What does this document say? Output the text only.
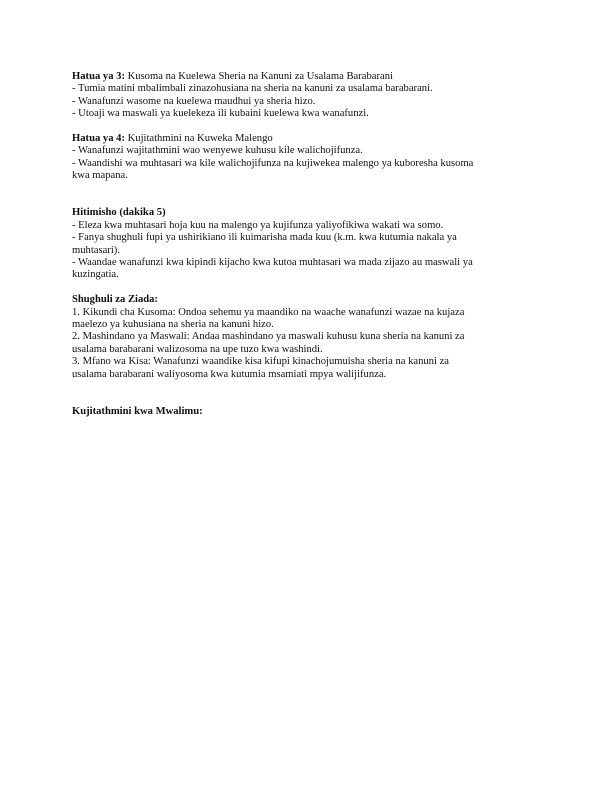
Hatua ya 3: Kusoma na Kuelewa Sheria na Kanuni za Usalama Barabarani
- Tumia matini mbalimbali zinazohusiana na sheria na kanuni za usalama barabarani.
- Wanafunzi wasome na kuelewa maudhui ya sheria hizo.
- Utoaji wa maswali ya kuelekeza ili kubaini kuelewa kwa wanafunzi.
Hatua ya 4: Kujitathmini na Kuweka Malengo
- Wanafunzi wajitathmini wao wenyewe kuhusu kile walichojifunza.
- Waandishi wa muhtasari wa kile walichojifunza na kujiwekea malengo ya kuboresha kusoma
kwa mapana.
Hitimisho (dakika 5)
- Eleza kwa muhtasari hoja kuu na malengo ya kujifunza yaliyofikiwa wakati wa somo.
- Fanya shughuli fupi ya ushirikiano ili kuimarisha mada kuu (k.m. kwa kutumia nakala ya
muhtasari).
- Waandae wanafunzi kwa kipindi kijacho kwa kutoa muhtasari wa mada zijazo au maswali ya
kuzingatia.
Shughuli za Ziada:
1. Kikundi cha Kusoma: Ondoa sehemu ya maandiko na waache wanafunzi wazae na kujaza
maelezo ya kuhusiana na sheria na kanuni hizo.
2. Mashindano ya Maswali: Andaa mashindano ya maswali kuhusu kuna sheria na kanuni za
usalama barabarani walizosoma na upe tuzo kwa washindi.
3. Mfano wa Kisa: Wanafunzi waandike kisa kifupi kinachojumuisha sheria na kanuni za
usalama barabarani waliyosoma kwa kutumia msamiati mpya walijifunza.
Kujitathmini kwa Mwalimu:
